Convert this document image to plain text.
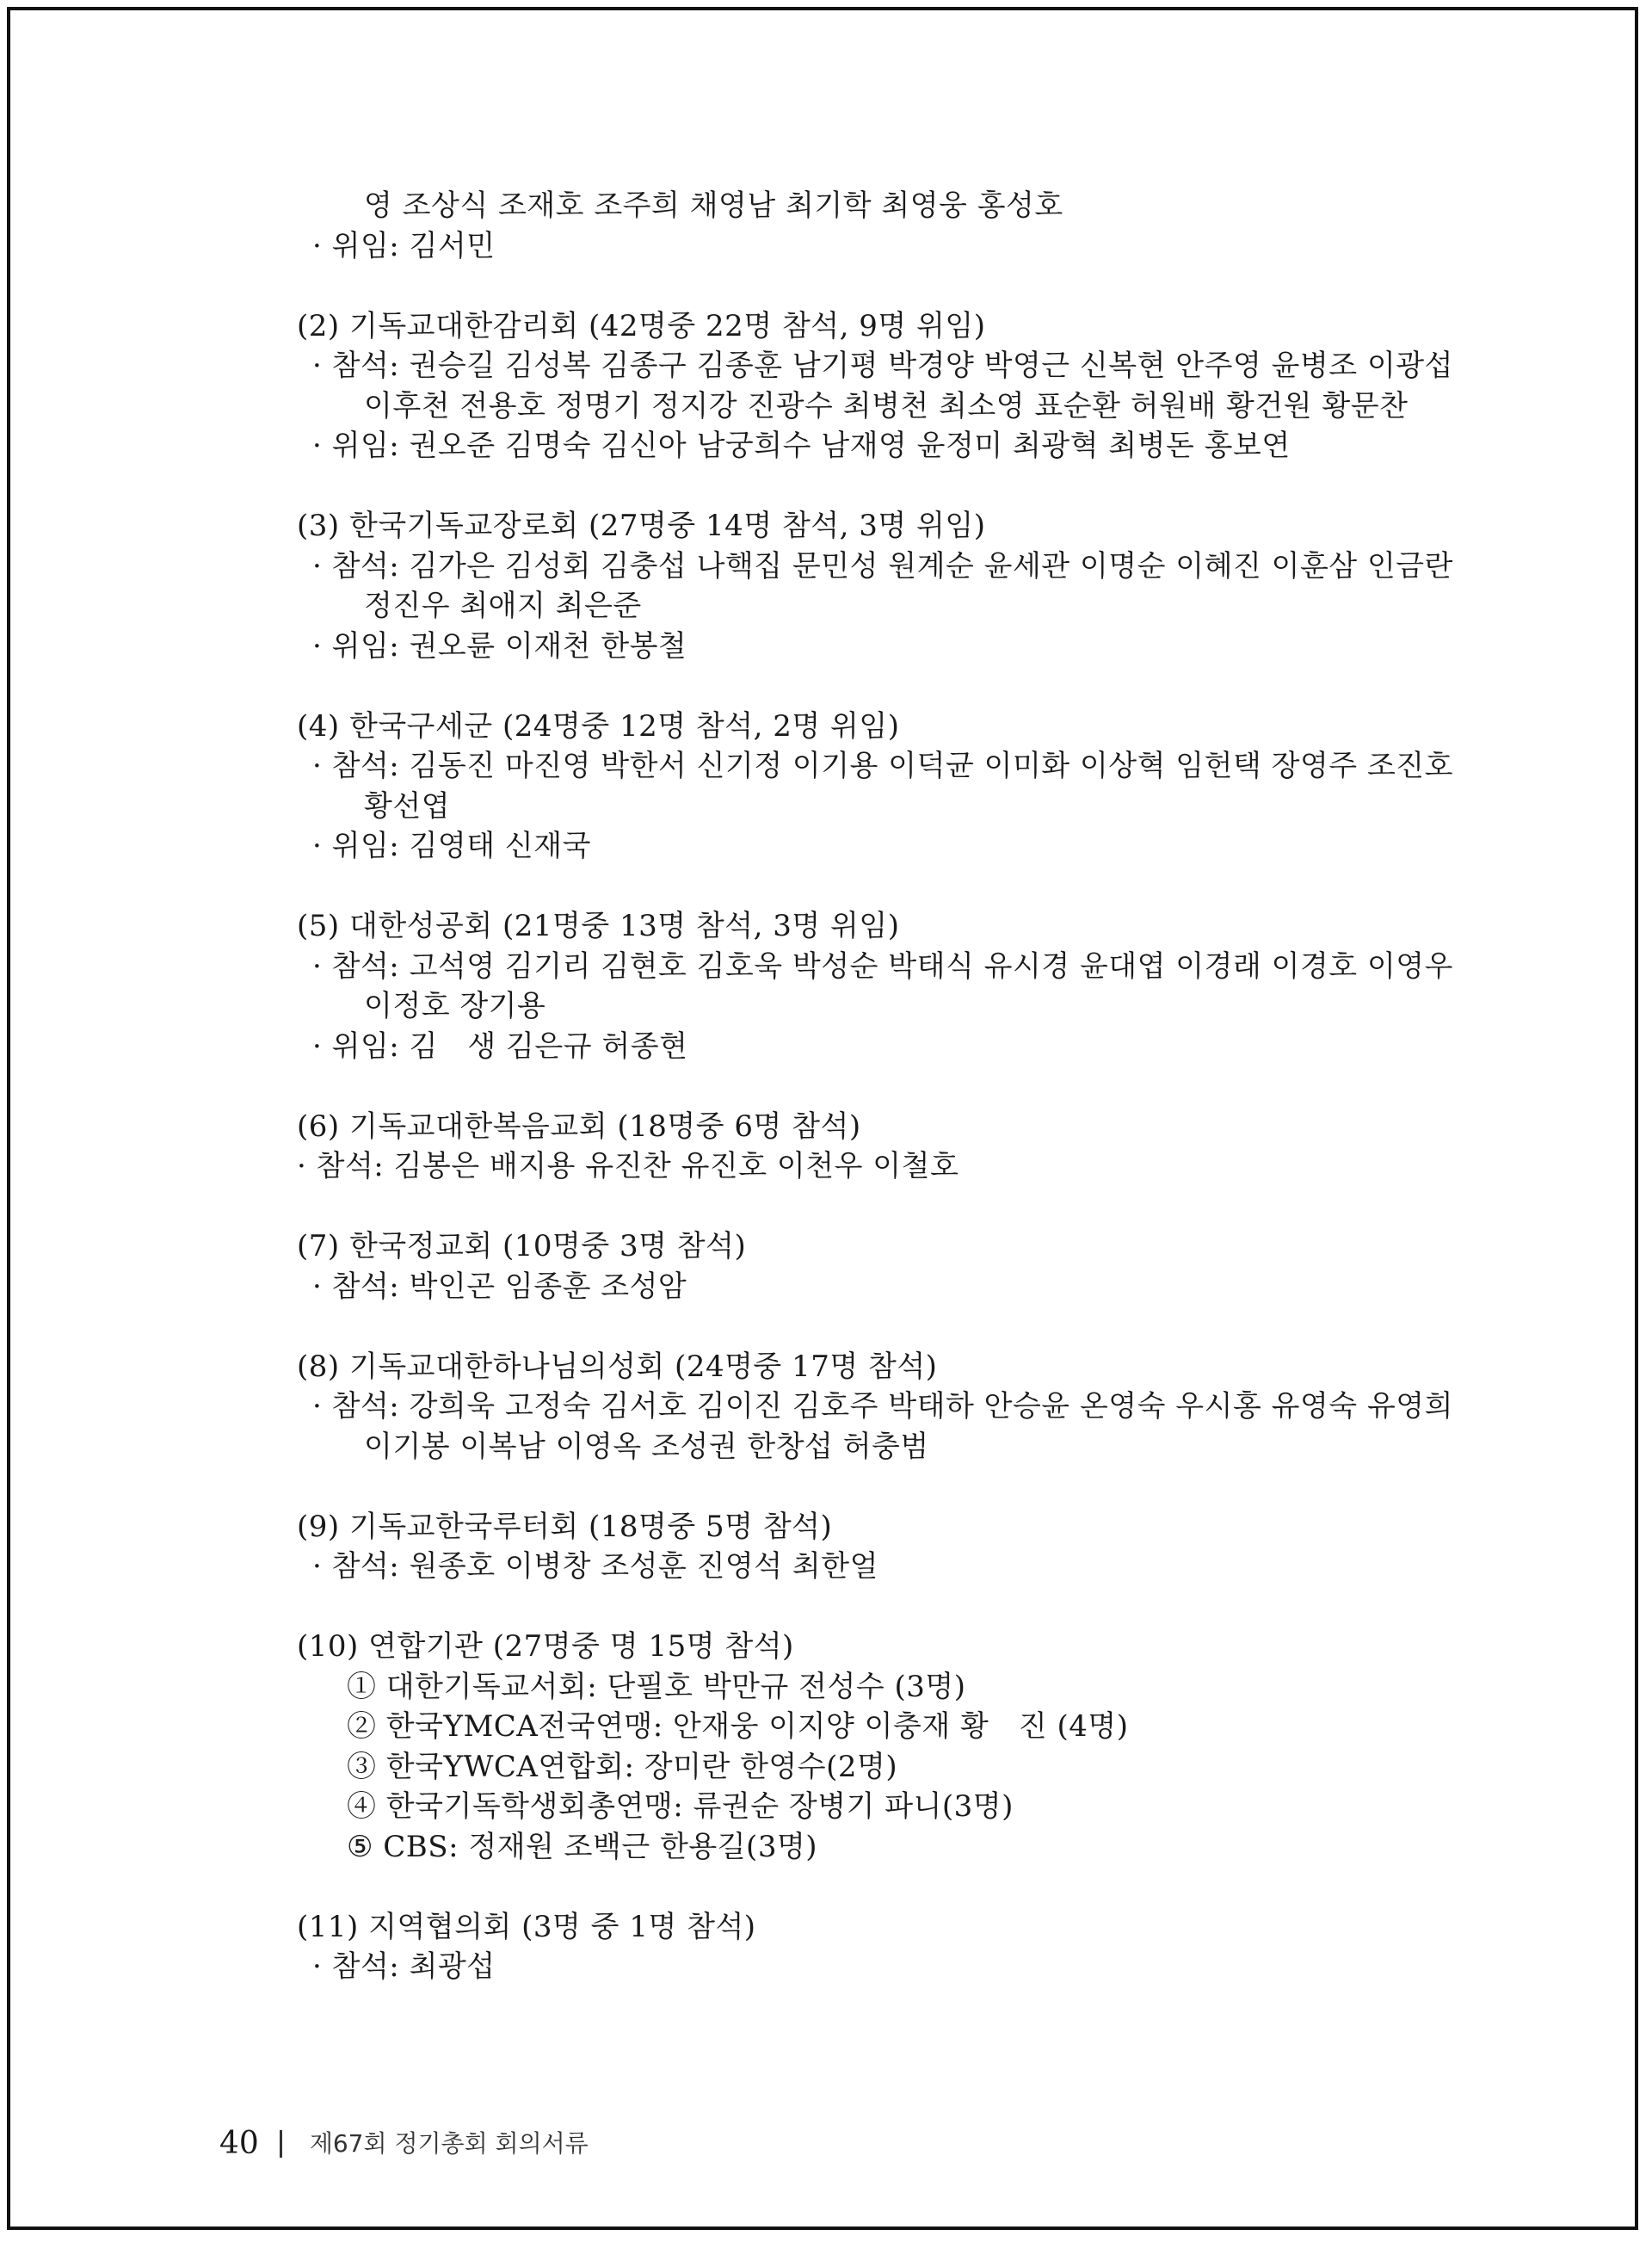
영 조상식 조재호 조주희 채영남 최기학 최영웅 홍성호
· 위임: 김서민
(2) 기독교대한감리회 (42명중 22명 참석, 9명 위임)
· 참석: 권승길 김성복 김종구 김종훈 남기평 박경양 박영근 신복현 안주영 윤병조 이광섭
이후천 전용호 정명기 정지강 진광수 최병천 최소영 표순환 허원배 황건원 황문찬
· 위임: 권오준 김명숙 김신아 남궁희수 남재영 윤정미 최광혁 최병돈 홍보연
(3) 한국기독교장로회 (27명중 14명 참석, 3명 위임)
· 참석: 김가은 김성회 김충섭 나핵집 문민성 원계순 윤세관 이명순 이혜진 이훈삼 인금란
정진우 최애지 최은준
· 위임: 권오륜 이재천 한봉철
(4) 한국구세군 (24명중 12명 참석, 2명 위임)
· 참석: 김동진 마진영 박한서 신기정 이기용 이덕균 이미화 이상혁 임헌택 장영주 조진호
황선엽
· 위임: 김영태 신재국
(5) 대한성공회 (21명중 13명 참석, 3명 위임)
· 참석: 고석영 김기리 김현호 김호욱 박성순 박태식 유시경 윤대엽 이경래 이경호 이영우
이정호 장기용
· 위임: 김　생 김은규 허종현
(6) 기독교대한복음교회 (18명중 6명 참석)
· 참석: 김봉은 배지용 유진찬 유진호 이천우 이철호
(7) 한국정교회 (10명중 3명 참석)
· 참석: 박인곤 임종훈 조성암
(8) 기독교대한하나님의성회 (24명중 17명 참석)
· 참석: 강희욱 고정숙 김서호 김이진 김호주 박태하 안승윤 온영숙 우시홍 유영숙 유영희
이기봉 이복남 이영옥 조성권 한창섭 허충범
(9) 기독교한국루터회 (18명중 5명 참석)
· 참석: 원종호 이병창 조성훈 진영석 최한얼
(10) 연합기관 (27명중 명 15명 참석)
① 대한기독교서회: 단필호 박만규 전성수 (3명)
② 한국YMCA전국연맹: 안재웅 이지양 이충재 황　진 (4명)
③ 한국YWCA연합회: 장미란 한영수(2명)
④ 한국기독학생회총연맹: 류권순 장병기 파니(3명)
⑤ CBS: 정재원 조백근 한용길(3명)
(11) 지역협의회 (3명 중 1명 참석)
· 참석: 최광섭
40 제67회 정기총회 회의서류
